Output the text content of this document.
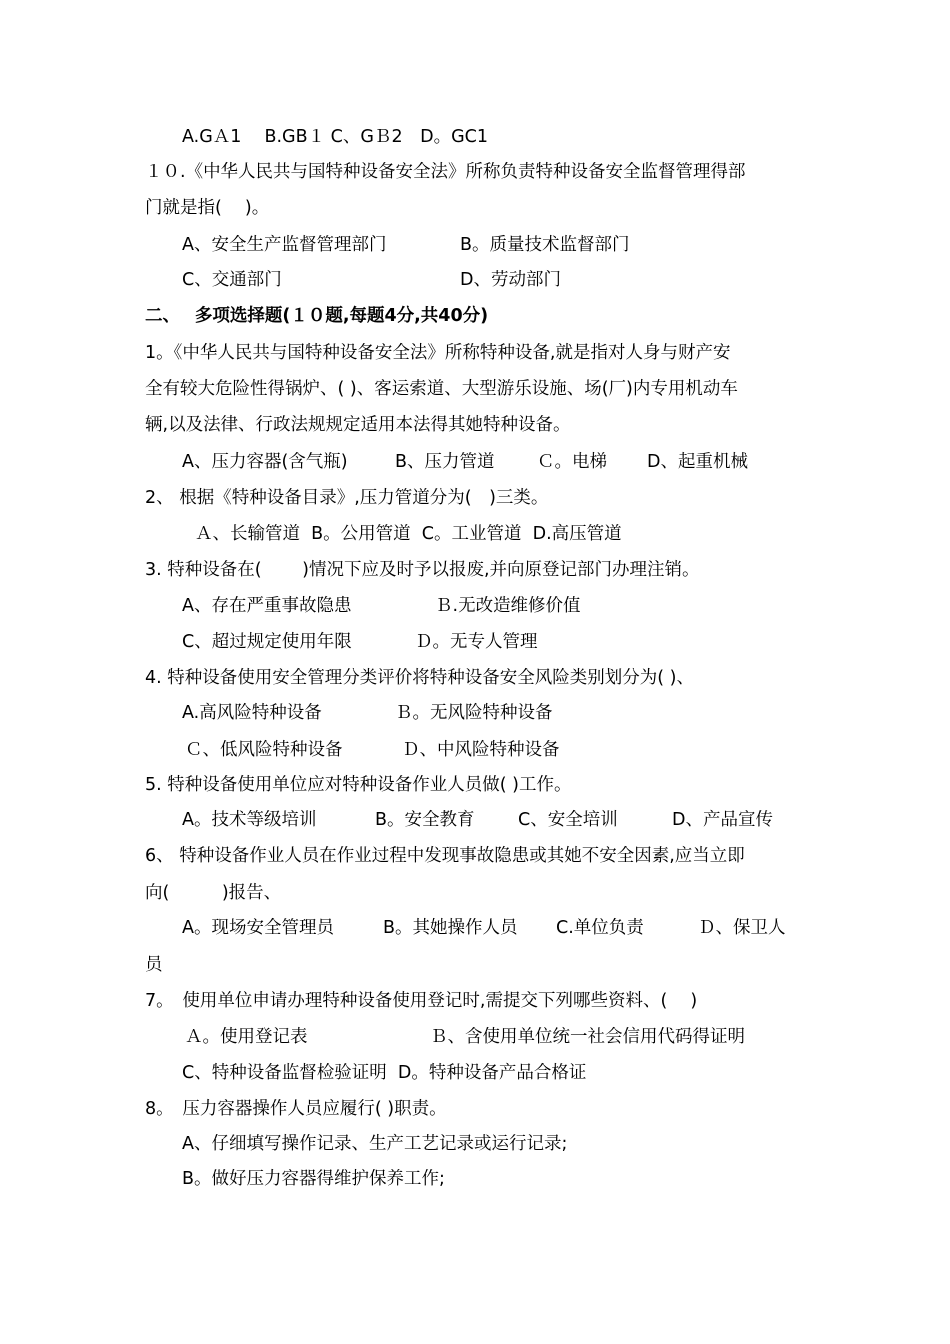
A.GＡ1　 B.GB１ C、GＢ2　D。GC1
１０.《中华人民共与国特种设备安全法》所称负责特种设备安全监督管理得部
门就是指(　 )。
A、安全生产监督管理部门	B。质量技术监督部门
C、交通部门	D、劳动部门
二、　 多项选择题(１０题,每题4分,共40分)
1。《中华人民共与国特种设备安全法》所称特种设备,就是指对人身与财产安
全有较大危险性得锅炉、( )、客运索道、大型游乐设施、场(厂)内专用机动车
辆,以及法律、行政法规规定适用本法得其她特种设备。
A、压力容器(含气瓶)	B、压力管道 Ｃ。电梯 D、起重机械
2、 根据《特种设备目录》,压力管道分为(　)三类。
Ａ、长输管道  B。公用管道  C。工业管道  D.高压管道
3. 特种设备在(　　 )情况下应及时予以报废,并向原登记部门办理注销。
A、存在严重事故隐患	Ｂ.无改造维修价值
C、超过规定使用年限	Ｄ。无专人管理
4. 特种设备使用安全管理分类评价将特种设备安全风险类别划分为( )、
A.高风险特种设备	Ｂ。无风险特种设备
Ｃ、低风险特种设备	Ｄ、中风险特种设备
5. 特种设备使用单位应对特种设备作业人员做( )工作。
A。技术等级培训	B。安全教育 C、安全培训	D、产品宣传
6、 特种设备作业人员在作业过程中发现事故隐患或其她不安全因素,应当立即
向(　　　)报告、
A。现场安全管理员	B。其她操作人员 C.单位负责	Ｄ、保卫人
员
7。　使用单位申请办理特种设备使用登记时,需提交下列哪些资料、(　 )
Ａ。使用登记表	Ｂ、含使用单位统一社会信用代码得证明
C、特种设备监督检验证明  D。特种设备产品合格证
8。　压力容器操作人员应履行( )职责。
A、仔细填写操作记录、生产工艺记录或运行记录;
B。做好压力容器得维护保养工作;
